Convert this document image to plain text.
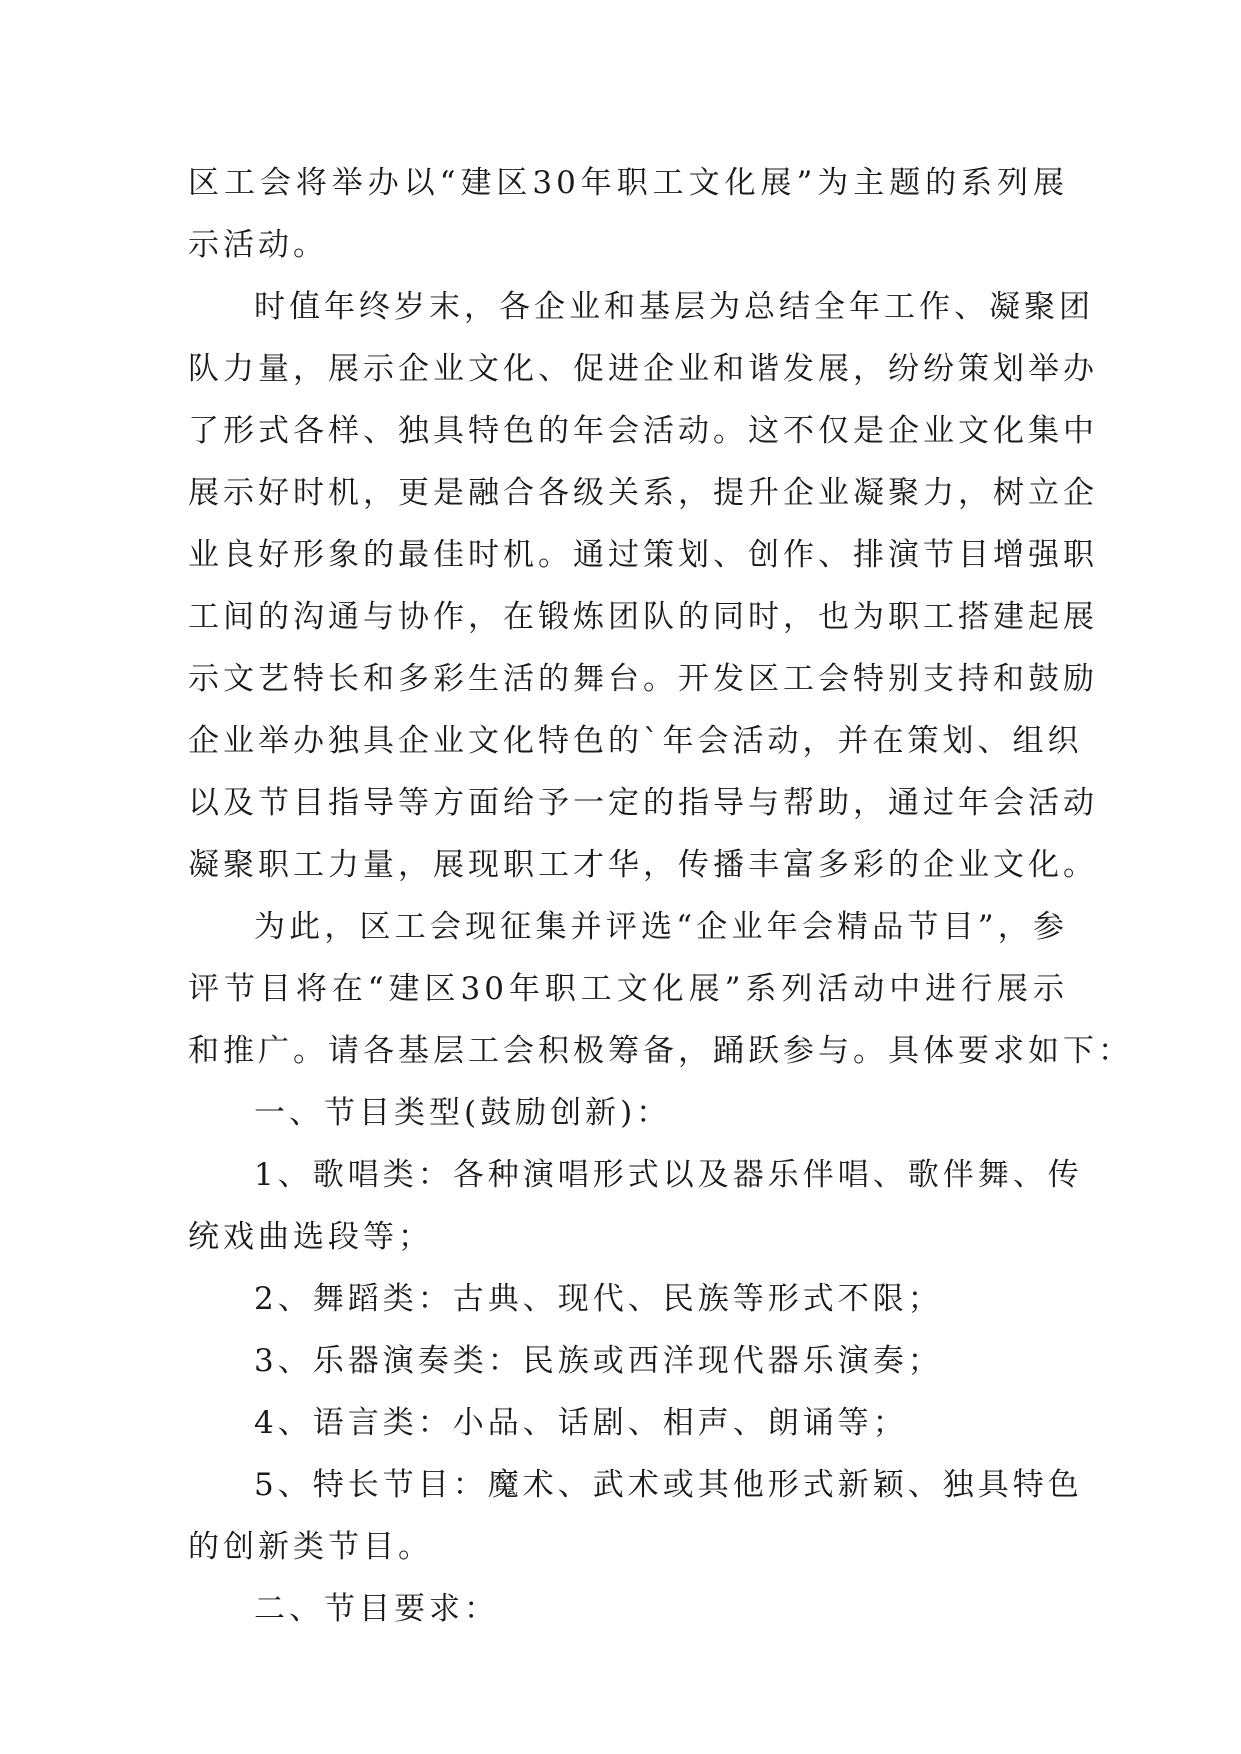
区工会将举办以“建区30年职工文化展”为主题的系列展
示活动。
时值年终岁末，各企业和基层为总结全年工作、凝聚团
队力量，展示企业文化、促进企业和谐发展，纷纷策划举办
了形式各样、独具特色的年会活动。这不仅是企业文化集中
展示好时机，更是融合各级关系，提升企业凝聚力，树立企
业良好形象的最佳时机。通过策划、创作、排演节目增强职
工间的沟通与协作，在锻炼团队的同时，也为职工搭建起展
示文艺特长和多彩生活的舞台。开发区工会特别支持和鼓励
企业举办独具企业文化特色的`年会活动，并在策划、组织
以及节目指导等方面给予一定的指导与帮助，通过年会活动
凝聚职工力量，展现职工才华，传播丰富多彩的企业文化。
为此，区工会现征集并评选“企业年会精品节目”，参
评节目将在“建区30年职工文化展”系列活动中进行展示
和推广。请各基层工会积极筹备，踊跃参与。具体要求如下：
一、节目类型(鼓励创新)：
1、歌唱类：各种演唱形式以及器乐伴唱、歌伴舞、传
统戏曲选段等；
2、舞蹈类：古典、现代、民族等形式不限；
3、乐器演奏类：民族或西洋现代器乐演奏；
4、语言类：小品、话剧、相声、朗诵等；
5、特长节目：魔术、武术或其他形式新颖、独具特色
的创新类节目。
二、节目要求：
